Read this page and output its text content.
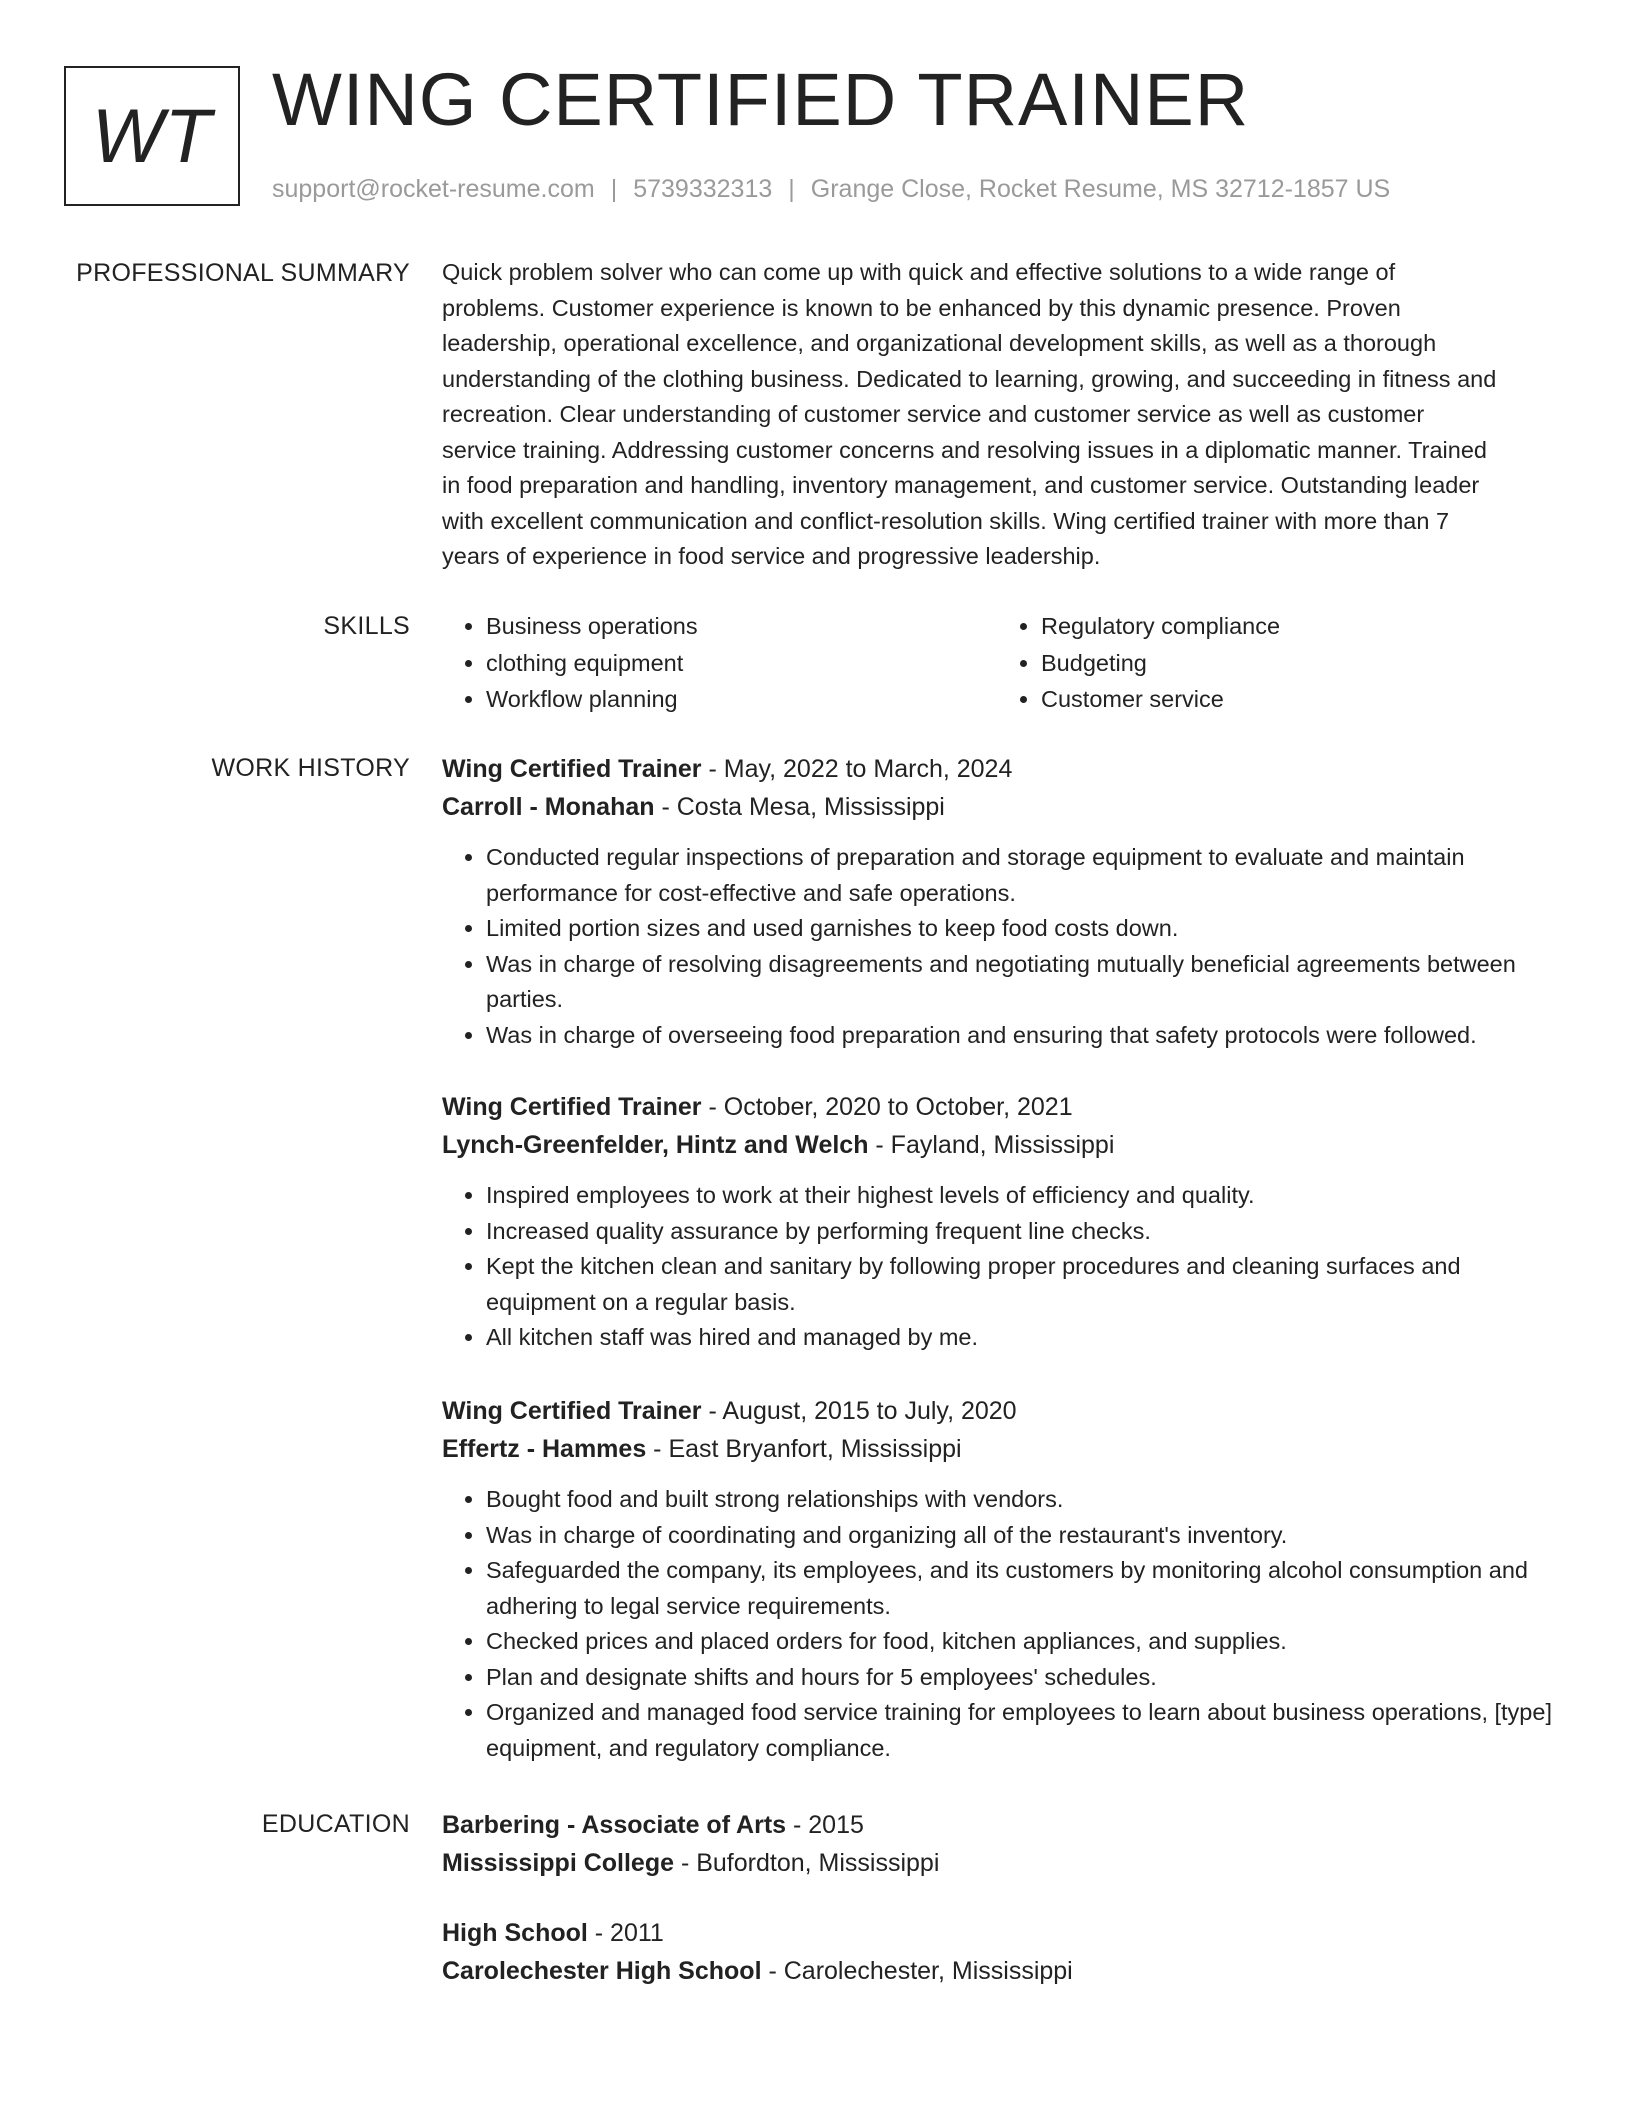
WT WING CERTIFIED TRAINER
support@rocket-resume.com | 5739332313 | Grange Close, Rocket Resume, MS 32712-1857 US
PROFESSIONAL SUMMARY Quick problem solver who can come up with quick and effective solutions to a wide range of
problems. Customer experience is known to be enhanced by this dynamic presence. Proven
leadership, operational excellence, and organizational development skills, as well as a thorough
understanding of the clothing business. Dedicated to learning, growing, and succeeding in fitness and
recreation. Clear understanding of customer service and customer service as well as customer
service training. Addressing customer concerns and resolving issues in a diplomatic manner. Trained
in food preparation and handling, inventory management, and customer service. Outstanding leader
with excellent communication and conflict-resolution skills. Wing certified trainer with more than 7
years of experience in food service and progressive leadership.
SKILLS
•	Business operations
• clothing equipment
• Workflow planning
• Regulatory compliance
• Budgeting
• Customer service
WORK HISTORY Wing Certified Trainer - May, 2022 to March, 2024
Carroll - Monahan - Costa Mesa, Mississippi
• Conducted regular inspections of preparation and storage equipment to evaluate and maintain performance for cost-effective and safe operations.
• Limited portion sizes and used garnishes to keep food costs down.
• Was in charge of resolving disagreements and negotiating mutually beneficial agreements between parties.
• Was in charge of overseeing food preparation and ensuring that safety protocols were followed.
Wing Certified Trainer - October, 2020 to October, 2021
Lynch-Greenfelder, Hintz and Welch - Fayland, Mississippi
• Inspired employees to work at their highest levels of efficiency and quality.
• Increased quality assurance by performing frequent line checks.
• Kept the kitchen clean and sanitary by following proper procedures and cleaning surfaces and equipment on a regular basis.
• All kitchen staff was hired and managed by me.
Wing Certified Trainer - August, 2015 to July, 2020
Effertz - Hammes - East Bryanfort, Mississippi
• Bought food and built strong relationships with vendors.
• Was in charge of coordinating and organizing all of the restaurant's inventory.
• Safeguarded the company, its employees, and its customers by monitoring alcohol consumption and adhering to legal service requirements.
• Checked prices and placed orders for food, kitchen appliances, and supplies.
• Plan and designate shifts and hours for 5 employees' schedules.
• Organized and managed food service training for employees to learn about business operations, [type] equipment, and regulatory compliance.
EDUCATION Barbering - Associate of Arts - 2015
Mississippi College - Bufordton, Mississippi
High School - 2011
Carolechester High School - Carolechester, Mississippi
